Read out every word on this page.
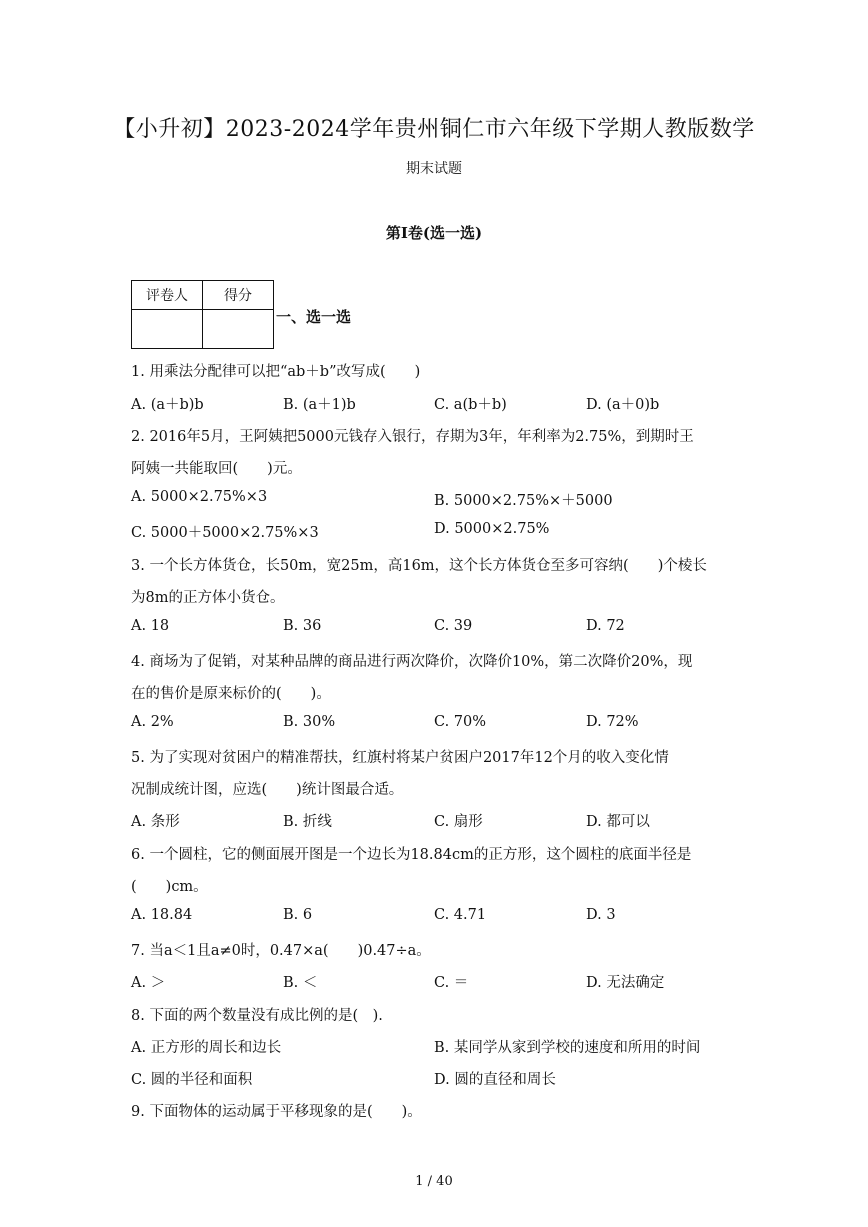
【小升初】2023-2024学年贵州铜仁市六年级下学期人教版数学
期末试题
第I卷(选一选)
评卷人	得分

一、选一选
1. 用乘法分配律可以把“ab＋b”改写成(　　)
A. (a＋b)b	B. (a＋1)b	C. a(b＋b)	D. (a＋0)b
2. 2016年5月，王阿姨把5000元钱存入银行，存期为3年，年利率为2.75%，到期时王
阿姨一共能取回(　　)元。
A. 5000×2.75%×3	B. 5000×2.75%×＋5000
C. 5000＋5000×2.75%×3	D. 5000×2.75%
3. 一个长方体货仓，长50m，宽25m，高16m，这个长方体货仓至多可容纳(　　)个棱长
为8m的正方体小货仓。
A. 18	B. 36	C. 39	D. 72
4. 商场为了促销，对某种品牌的商品进行两次降价，次降价10%，第二次降价20%，现
在的售价是原来标价的(　　)。
A. 2%	B. 30%	C. 70%	D. 72%
5. 为了实现对贫困户的精准帮扶，红旗村将某户贫困户2017年12个月的收入变化情
况制成统计图，应选(　　)统计图最合适。
A. 条形	B. 折线	C. 扇形	D. 都可以
6. 一个圆柱，它的侧面展开图是一个边长为18.84cm的正方形，这个圆柱的底面半径是
(　　)cm。
A. 18.84	B. 6	C. 4.71	D. 3
7. 当a＜1且a≠0时，0.47×a(　　)0.47÷a。
A. ＞	B. ＜	C. ＝	D. 无法确定
8. 下面的两个数量没有成比例的是(　).
A. 正方形的周长和边长	B. 某同学从家到学校的速度和所用的时间
C. 圆的半径和面积	D. 圆的直径和周长
9. 下面物体的运动属于平移现象的是(　　)。
1 / 40
